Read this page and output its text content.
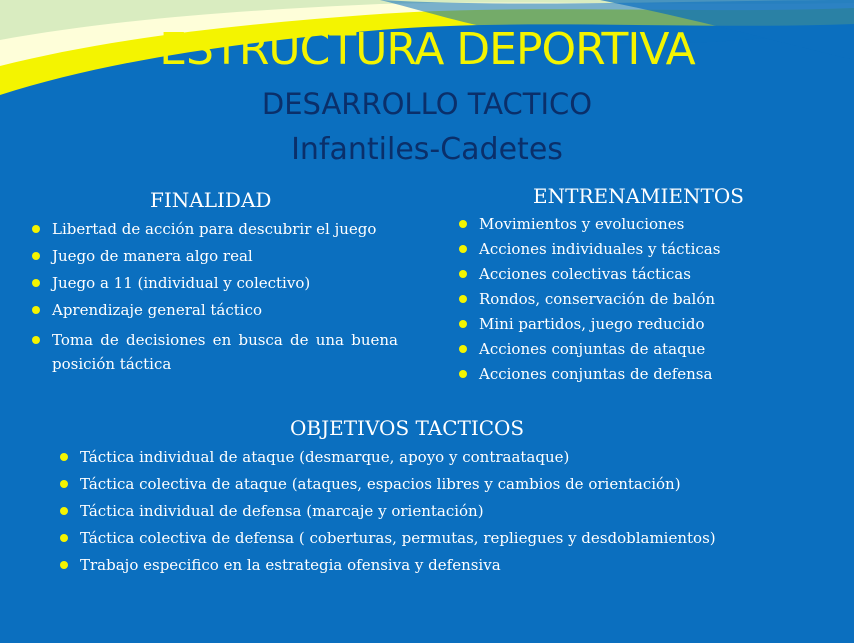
ESTRUCTURA DEPORTIVA
DESARROLLO TACTICO
Infantiles-Cadetes
FINALIDAD
Libertad de acción para descubrir el juego
Juego de manera algo real
Juego a 11 (individual y colectivo)
Aprendizaje general táctico
Toma de decisiones en busca de una buena posición táctica
ENTRENAMIENTOS
Movimientos y evoluciones
Acciones individuales y tácticas
Acciones colectivas tácticas
Rondos, conservación de balón
Mini partidos, juego reducido
Acciones conjuntas de ataque
Acciones conjuntas de defensa
OBJETIVOS TACTICOS
Táctica individual de ataque (desmarque, apoyo y contraataque)
Táctica colectiva de ataque (ataques, espacios libres y cambios de orientación)
Táctica individual de defensa (marcaje y orientación)
Táctica colectiva de defensa ( coberturas, permutas, repliegues y desdoblamientos)
Trabajo especifico en la estrategia ofensiva y defensiva
